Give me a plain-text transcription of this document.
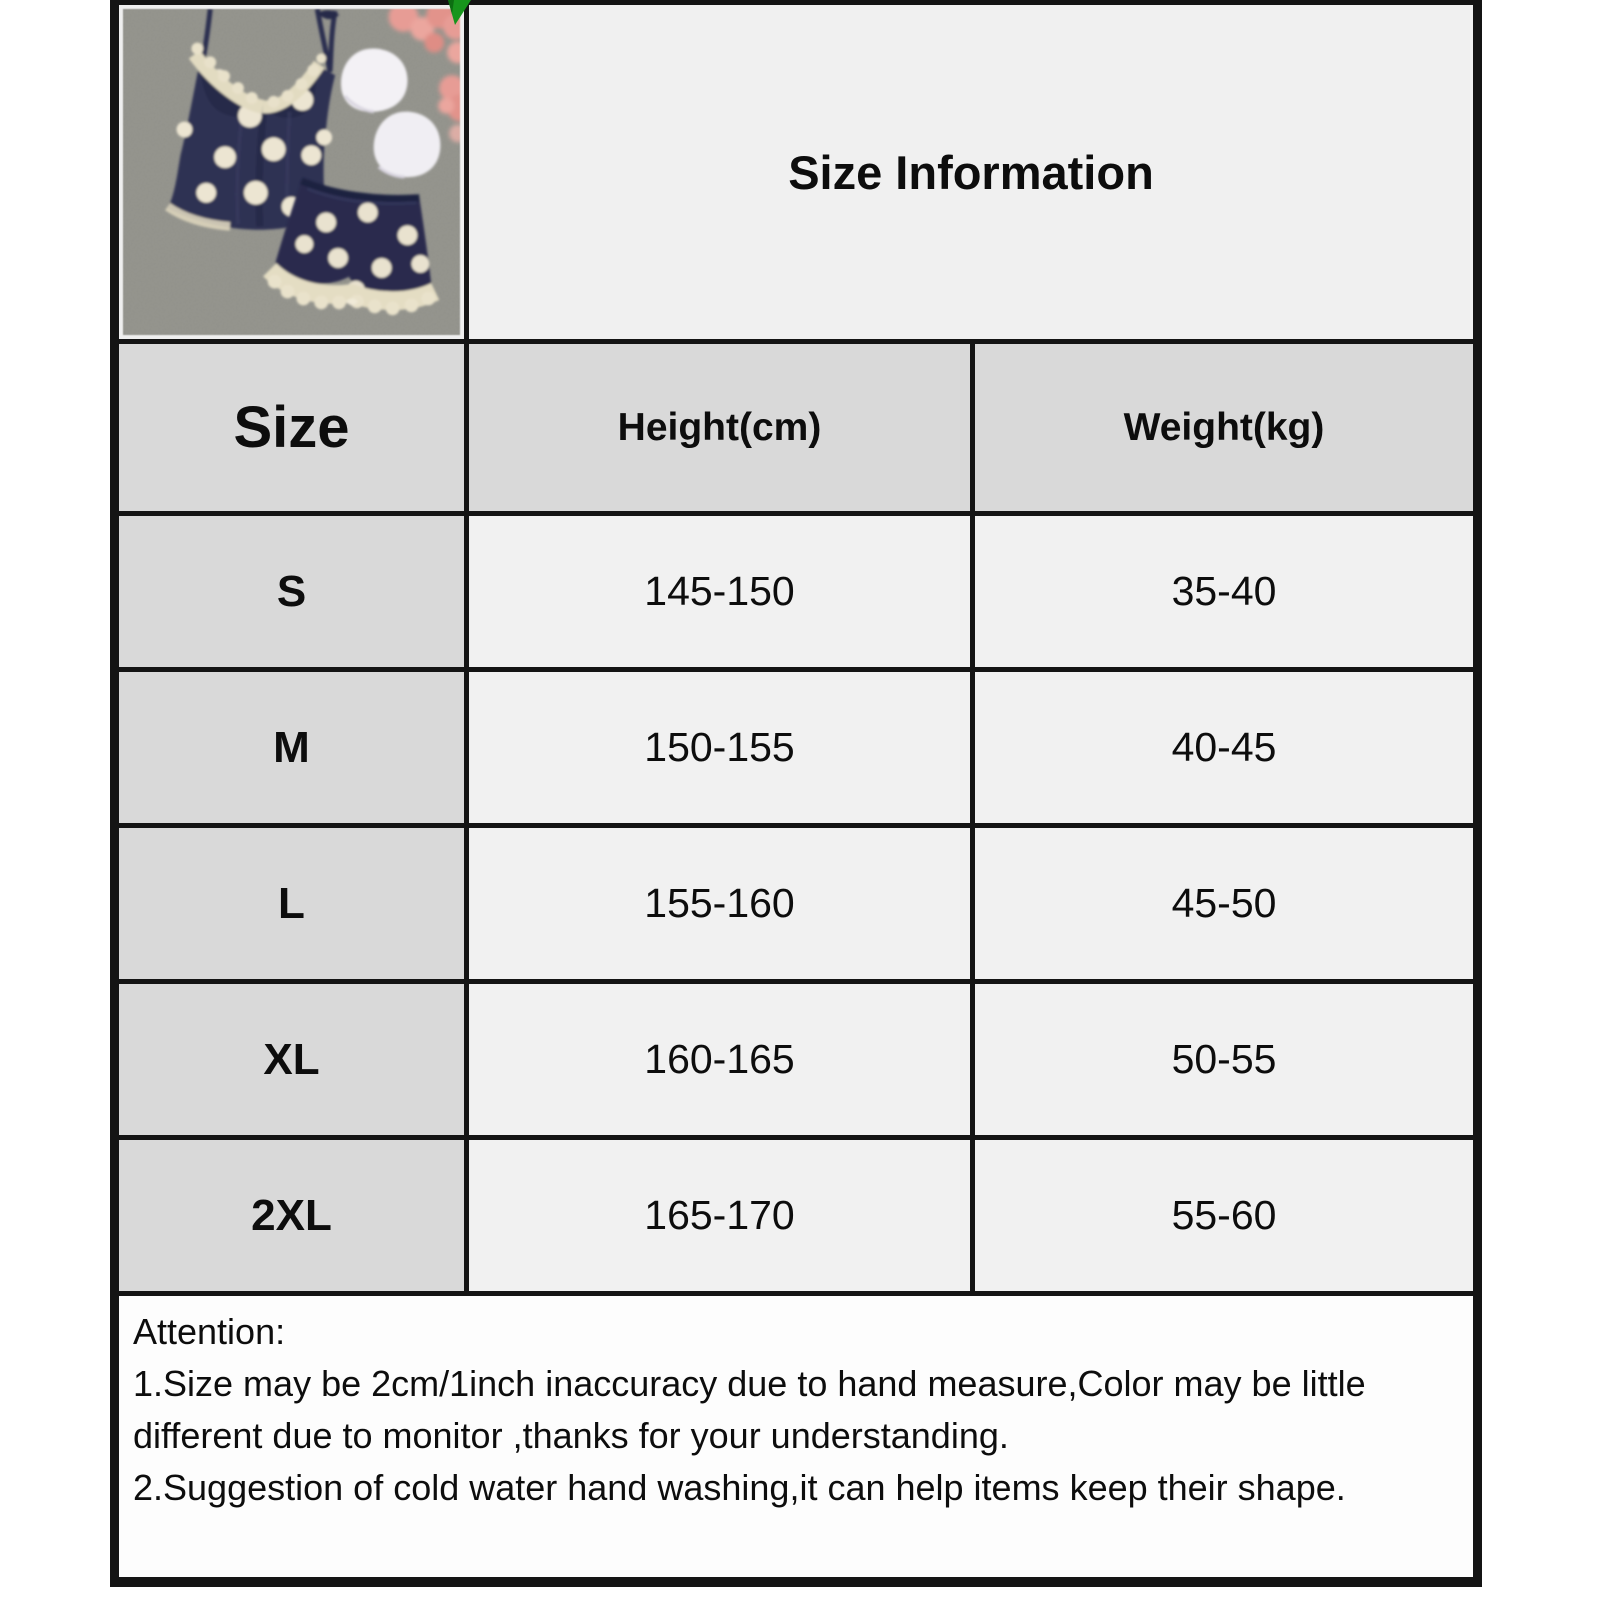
	Size Information	
Size	Height(cm)	Weight(kg)
S	145-150	35-40
M	150-155	40-45
L	155-160	45-50
XL	160-165	50-55
2XL	165-170	55-60

Attention:
1.Size may be 2cm/1inch inaccuracy due to hand measure,Color may be little
different due to monitor ,thanks for your understanding.
2.Suggestion of cold water hand washing,it can help items keep their shape.		
